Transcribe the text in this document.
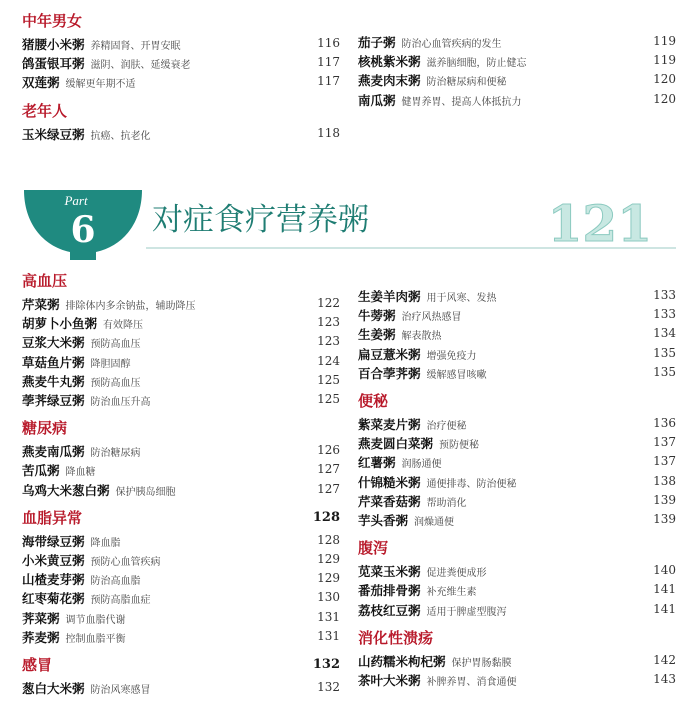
中年男女
猪腰小米粥 养精固肾、开胃安眠	116
鸽蛋银耳粥 滋阴、润肤、延缓衰老	117
双莲粥 缓解更年期不适	117
老年人
玉米绿豆粥 抗癌、抗老化	118
茄子粥 防治心血管疾病的发生	119
核桃紫米粥 滋养脑细胞，防止健忘	119
燕麦肉末粥 防治糖尿病和便秘	120
南瓜粥 健胃养胃、提高人体抵抗力	120
Part
6 对症食疗营养粥	121
高血压
芹菜粥 排除体内多余钠盐，辅助降压	122
胡萝卜小鱼粥 有效降压	123
豆浆大米粥 预防高血压	123
草菇鱼片粥 降胆固醇	124
燕麦牛丸粥 预防高血压	125
荸荠绿豆粥 防治血压升高	125
糖尿病
燕麦南瓜粥 防治糖尿病	126
苦瓜粥 降血糖	127
乌鸡大米葱白粥 保护胰岛细胞	127
血脂异常	128
海带绿豆粥 降血脂	128
小米黄豆粥 预防心血管疾病	129
山楂麦芽粥 防治高血脂	129
红枣菊花粥 预防高脂血症	130
荠菜粥 调节血脂代谢	131
荞麦粥 控制血脂平衡	131
感冒	132
葱白大米粥 防治风寒感冒	132
生姜羊肉粥 用于风寒、发热	133
牛蒡粥 治疗风热感冒	133
生姜粥 解表散热	134
扁豆薏米粥 增强免疫力	135
百合荸荠粥 缓解感冒咳嗽	135
便秘
紫菜麦片粥 治疗便秘	136
燕麦圆白菜粥 预防便秘	137
红薯粥 润肠通便	137
什锦糙米粥 通便排毒、防治便秘	138
芹菜香菇粥 帮助消化	139
芋头香粥 润燥通便	139
腹泻
苋菜玉米粥 促进粪便成形	140
番茄排骨粥 补充维生素	141
荔枝红豆粥 适用于脾虚型腹泻	141
消化性溃疡
山药糯米枸杞粥 保护胃肠黏膜	142
茶叶大米粥 补脾养胃、消食通便	143
